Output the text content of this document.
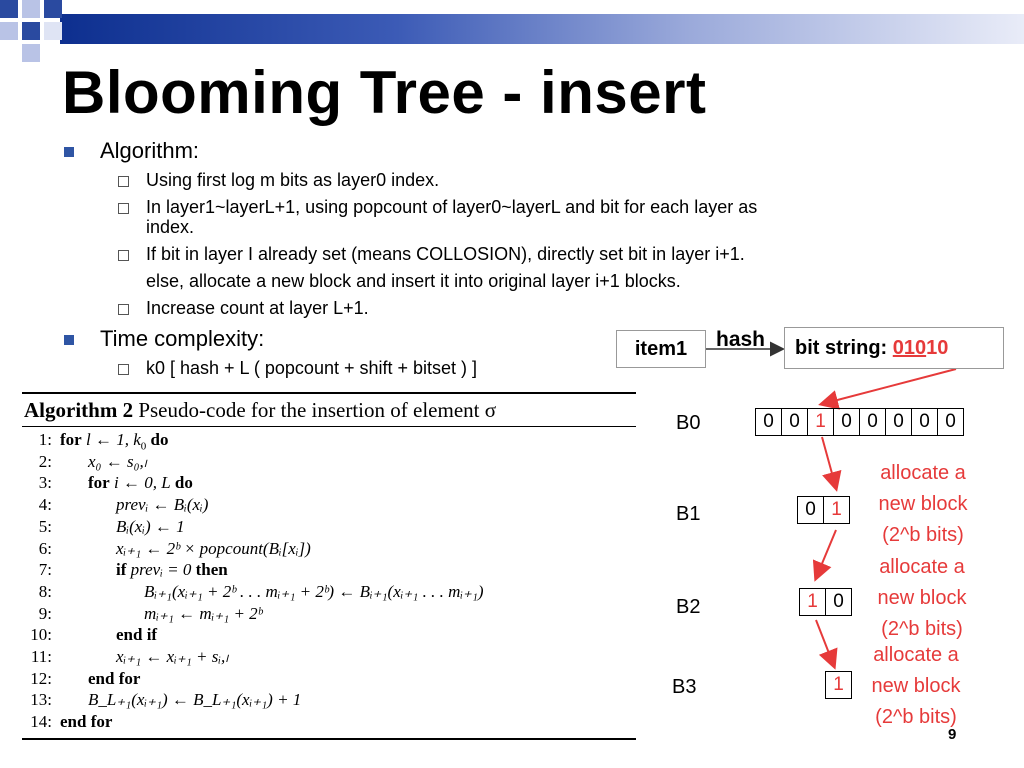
Blooming Tree - insert
Algorithm:
Using first log m bits as layer0 index.
In layer1~layerL+1, using popcount of layer0~layerL and bit for each layer as
index.
If bit in layer I already set (means COLLOSION), directly set bit in layer i+1.
else, allocate a new block and insert it into original layer i+1 blocks.
Increase count at layer L+1.
Time complexity:
k0 [ hash + L ( popcount + shift + bitset ) ]
Algorithm 2 Pseudo-code for the insertion of element σ
1: for l ← 1, $k_0$ do
2: x₀ ← s₀,ₗ
3: for i ← 0, L do
4:	prevᵢ ← Bᵢ(xᵢ)
5:	Bᵢ(xᵢ) ← 1
6:	xᵢ₊₁ ← 2ᵇ × popcount(Bᵢ[xᵢ])
7:	if prevᵢ = 0 then
8:	Bᵢ₊₁(xᵢ₊₁ + 2ᵇ . . . mᵢ₊₁ + 2ᵇ) ← Bᵢ₊₁(xᵢ₊₁ . . . mᵢ₊₁)
9:	mᵢ₊₁ ← mᵢ₊₁ + 2ᵇ
10:	end if
11:	xᵢ₊₁ ← xᵢ₊₁ + sᵢ,ₗ
12: end for
13: B_L₊₁(xᵢ₊₁) ← B_L₊₁(xᵢ₊₁) + 1
14: end for
item1	hash bit string: 010 10
B0	0 0 1 0 0 0 0 0
B1	0 1
B2	1 0
B3	1
allocate a
new block
(2^b bits)
allocate a
new block
(2^b bits)
allocate a
new block
(2^b bits)
9
